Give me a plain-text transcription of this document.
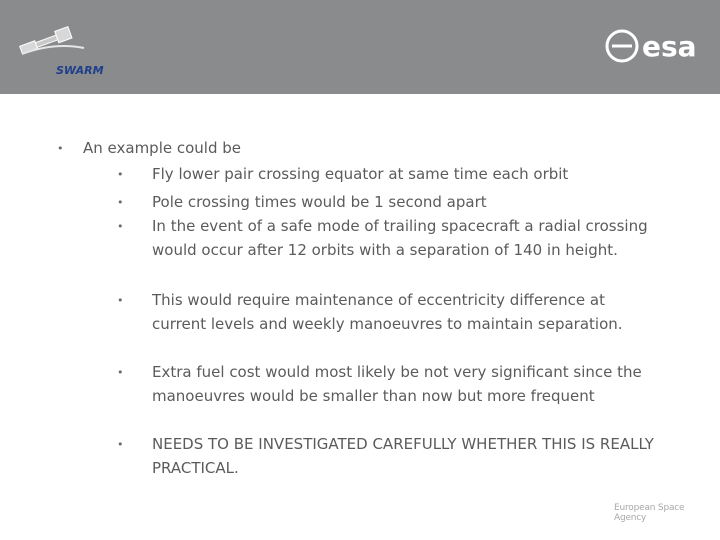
SWARM
esa
• An example could be
• Fly lower pair crossing equator at same time each orbit
• Pole crossing times would be 1 second apart
• In the event of a safe mode of trailing spacecraft a radial crossing would occur after 12 orbits with a separation of 140 in height.
• This would require maintenance of eccentricity difference at current levels and weekly manoeuvres to maintain separation.
• Extra fuel cost would most likely be not very significant since the manoeuvres would be smaller than now but more frequent
• NEEDS TO BE INVESTIGATED CAREFULLY WHETHER THIS IS REALLY PRACTICAL.
European Space Agency
